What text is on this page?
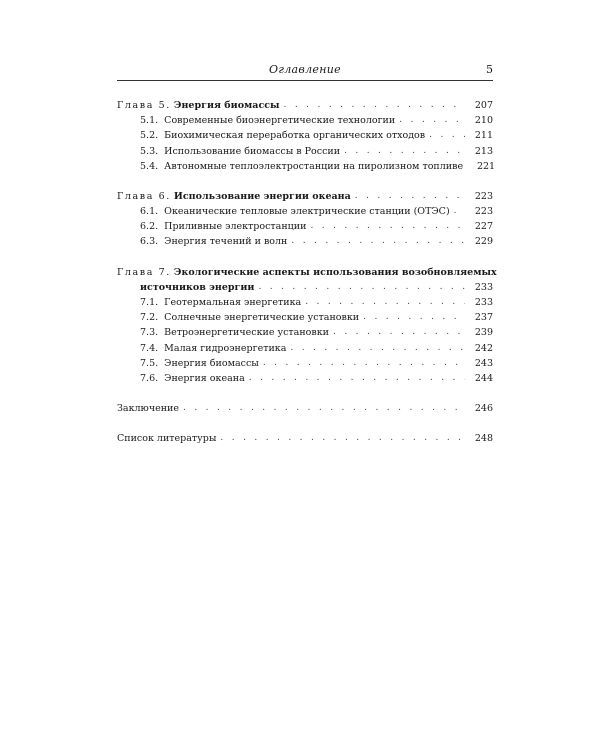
Оглавление	5
Глава 5. Энергия биомассы . . .	207
5.1. Современные биоэнергетические технологии . . .	210
5.2. Биохимическая переработка органических отходов . . .	211
5.3. Использование биомассы в России . . .	213
5.4. Автономные теплоэлектростанции на пиролизном топливе	221
Глава 6. Использование энергии океана . . .	223
6.1. Океанические тепловые электрические станции (ОТЭС) . . .	223
6.2. Приливные электростанции . . .	227
6.3. Энергия течений и волн . . .	229
Глава 7. Экологические аспекты использования возобновляемых
источников энергии . . .	233
7.1. Геотермальная энергетика . . .	233
7.2. Солнечные энергетические установки . . .	237
7.3. Ветроэнергетические установки . . .	239
7.4. Малая гидроэнергетика . . .	242
7.5. Энергия биомассы . . .	243
7.6. Энергия океана . . .	244
Заключение . . .	246
Список литературы . . .	248
